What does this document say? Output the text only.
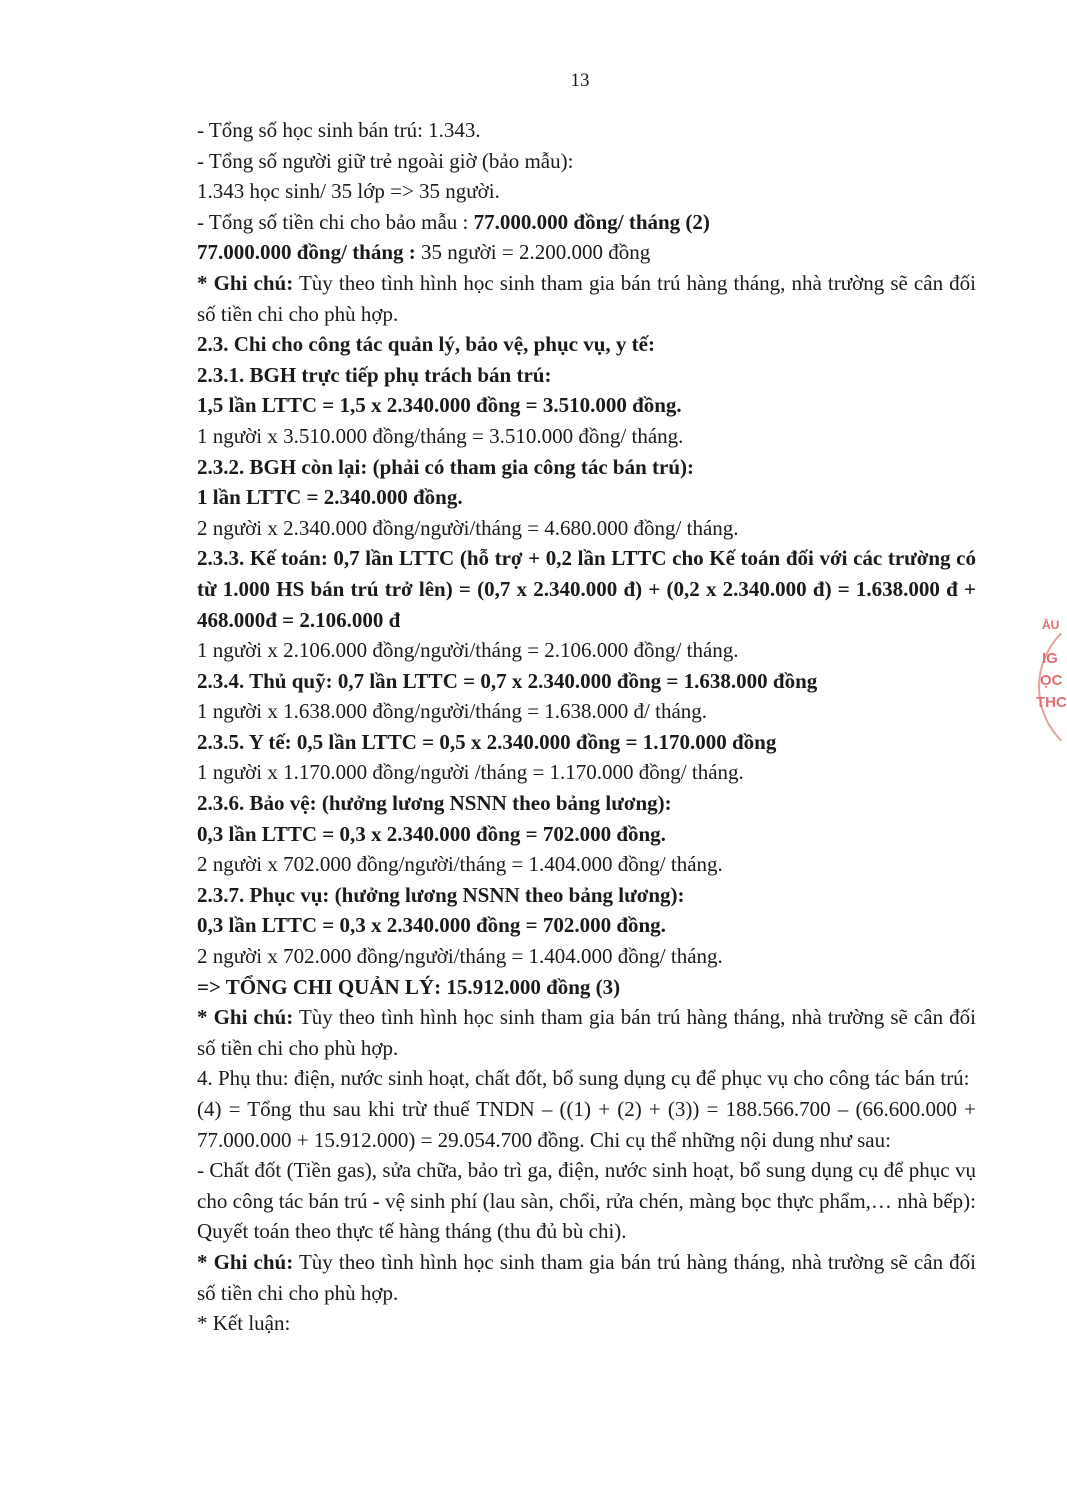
13

- Tổng số học sinh bán trú: 1.343.

- Tổng số người giữ trẻ ngoài giờ (bảo mẫu):

1.343 học sinh/ 35 lớp => 35 người.

- Tổng số tiền chi cho bảo mẫu : 77.000.000 đồng/ tháng (2)

77.000.000 đồng/ tháng : 35 người = 2.200.000 đồng

* Ghi chú: Tùy theo tình hình học sinh tham gia bán trú hàng tháng, nhà trường sẽ cân đối số tiền chi cho phù hợp.

2.3. Chi cho công tác quản lý, bảo vệ, phục vụ, y tế:

2.3.1. BGH trực tiếp phụ trách bán trú:

1,5 lần LTTC = 1,5 x 2.340.000 đồng = 3.510.000 đồng.

1 người x 3.510.000 đồng/tháng = 3.510.000 đồng/ tháng.

2.3.2. BGH còn lại: (phải có tham gia công tác bán trú):

1 lần LTTC = 2.340.000 đồng.

2 người x 2.340.000 đồng/người/tháng = 4.680.000 đồng/ tháng.

2.3.3. Kế toán: 0,7 lần LTTC (hỗ trợ + 0,2 lần LTTC cho Kế toán đối với các trường có từ 1.000 HS bán trú trở lên) = (0,7 x 2.340.000 đ) + (0,2 x 2.340.000 đ) = 1.638.000 đ + 468.000đ = 2.106.000 đ

1 người x 2.106.000 đồng/người/tháng = 2.106.000 đồng/ tháng.

2.3.4. Thủ quỹ: 0,7 lần LTTC = 0,7 x 2.340.000 đồng = 1.638.000 đồng

1 người x 1.638.000 đồng/người/tháng = 1.638.000 đ/ tháng.

2.3.5. Y tế: 0,5 lần LTTC = 0,5 x 2.340.000 đồng = 1.170.000 đồng

1 người x 1.170.000 đồng/người /tháng = 1.170.000 đồng/ tháng.

2.3.6. Bảo vệ: (hưởng lương NSNN theo bảng lương):

0,3 lần LTTC = 0,3 x 2.340.000 đồng = 702.000 đồng.

2 người x 702.000 đồng/người/tháng = 1.404.000 đồng/ tháng.

2.3.7. Phục vụ: (hưởng lương NSNN theo bảng lương):

0,3 lần LTTC = 0,3 x 2.340.000 đồng = 702.000 đồng.

2 người x 702.000 đồng/người/tháng = 1.404.000 đồng/ tháng.

=> TỔNG CHI QUẢN LÝ: 15.912.000 đồng (3)

* Ghi chú: Tùy theo tình hình học sinh tham gia bán trú hàng tháng, nhà trường sẽ cân đối số tiền chi cho phù hợp.

4. Phụ thu: điện, nước sinh hoạt, chất đốt, bổ sung dụng cụ để phục vụ cho công tác bán trú:

(4) = Tổng thu sau khi trừ thuế TNDN – ((1) + (2) + (3)) = 188.566.700 – (66.600.000 + 77.000.000 + 15.912.000) = 29.054.700 đồng. Chi cụ thể những nội dung như sau:

- Chất đốt (Tiền gas), sửa chữa, bảo trì ga, điện, nước sinh hoạt, bổ sung dụng cụ để phục vụ cho công tác bán trú - vệ sinh phí (lau sàn, chổi, rửa chén, màng bọc thực phẩm,… nhà bếp): Quyết toán theo thực tế hàng tháng (thu đủ bù chi).

* Ghi chú: Tùy theo tình hình học sinh tham gia bán trú hàng tháng, nhà trường sẽ cân đối số tiền chi cho phù hợp.

* Kết luận:

ẦU
IG
ỌC
THC
